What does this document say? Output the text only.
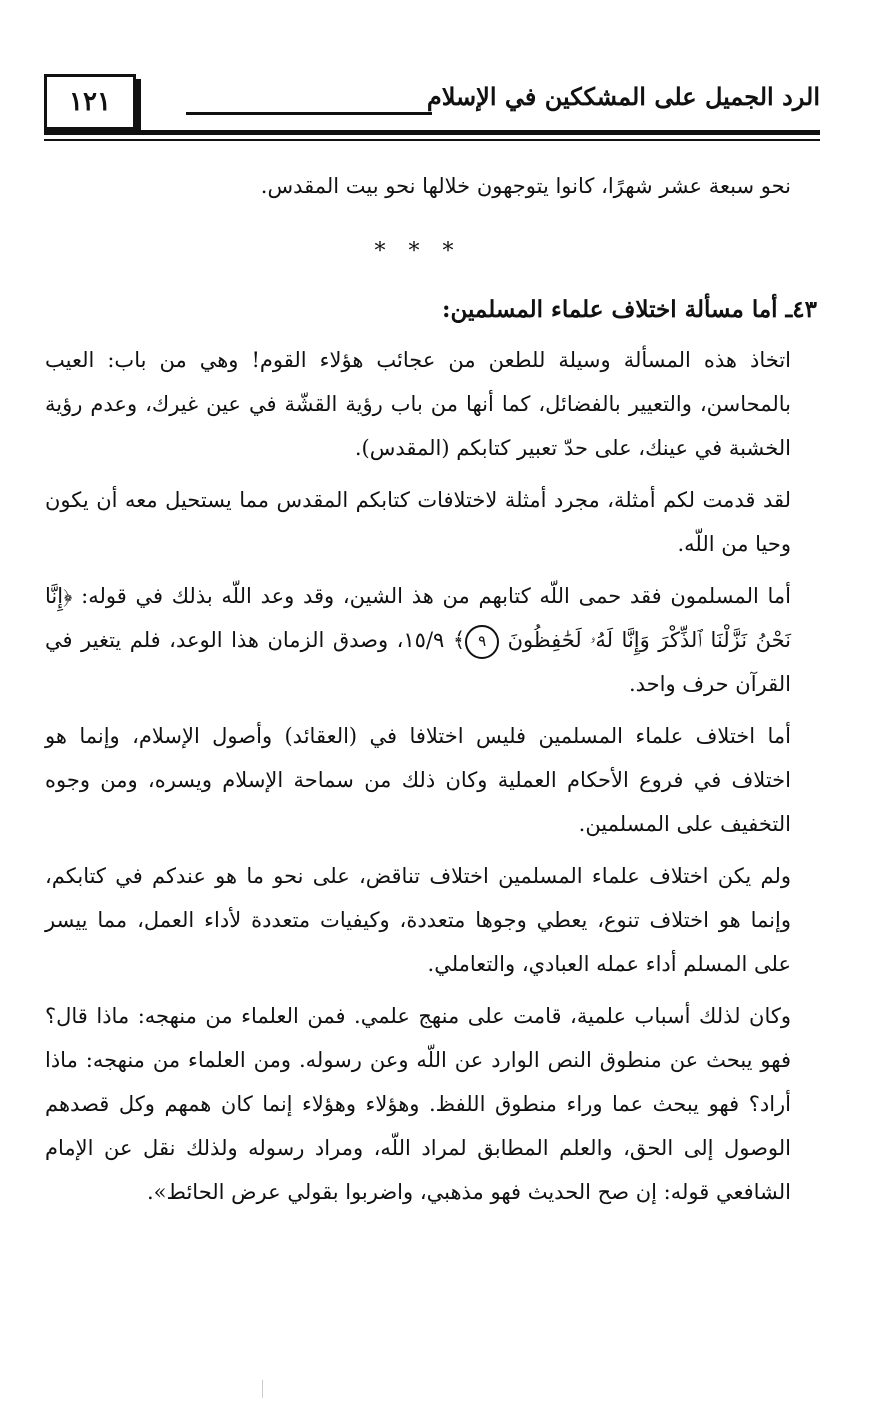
الرد الجميل على المشككين في الإسلام
١٢١

نحو سبعة عشر شهرًا، كانوا يتوجهون خلالها نحو بيت المقدس.

* * *
٤٣ـ أما مسألة اختلاف علماء المسلمين:

اتخاذ هذه المسألة وسيلة للطعن من عجائب هؤلاء القوم! وهي من باب: العيب بالمحاسن، والتعيير بالفضائل، كما أنها من باب رؤية القشّة في عين غيرك، وعدم رؤية الخشبة في عينك، على حدّ تعبير كتابكم (المقدس).

لقد قدمت لكم أمثلة، مجرد أمثلة لاختلافات كتابكم المقدس مما يستحيل معه أن يكون وحيا من اللّه.

أما المسلمون فقد حمى اللّه كتابهم من هذ الشين، وقد وعد اللّه بذلك في قوله: ﴿إِنَّا نَحْنُ نَزَّلْنَا ٱلذِّكْرَ وَإِنَّا لَهُۥ لَحَٰفِظُونَ ٩﴾ ١٥/٩، وصدق الزمان هذا الوعد، فلم يتغير في القرآن حرف واحد.

أما اختلاف علماء المسلمين فليس اختلافا في (العقائد) وأصول الإسلام، وإنما هو اختلاف في فروع الأحكام العملية وكان ذلك من سماحة الإسلام ويسره، ومن وجوه التخفيف على المسلمين.

ولم يكن اختلاف علماء المسلمين اختلاف تناقض، على نحو ما هو عندكم في كتابكم، وإنما هو اختلاف تنوع، يعطي وجوها متعددة، وكيفيات متعددة لأداء العمل، مما ييسر على المسلم أداء عمله العبادي، والتعاملي.

وكان لذلك أسباب علمية، قامت على منهج علمي. فمن العلماء من منهجه: ماذا قال؟ فهو يبحث عن منطوق النص الوارد عن اللّه وعن رسوله. ومن العلماء من منهجه: ماذا أراد؟ فهو يبحث عما وراء منطوق اللفظ. وهؤلاء وهؤلاء إنما كان همهم وكل قصدهم الوصول إلى الحق، والعلم المطابق لمراد اللّه، ومراد رسوله ولذلك نقل عن الإمام الشافعي قوله: إن صح الحديث فهو مذهبي، واضربوا بقولي عرض الحائط».
